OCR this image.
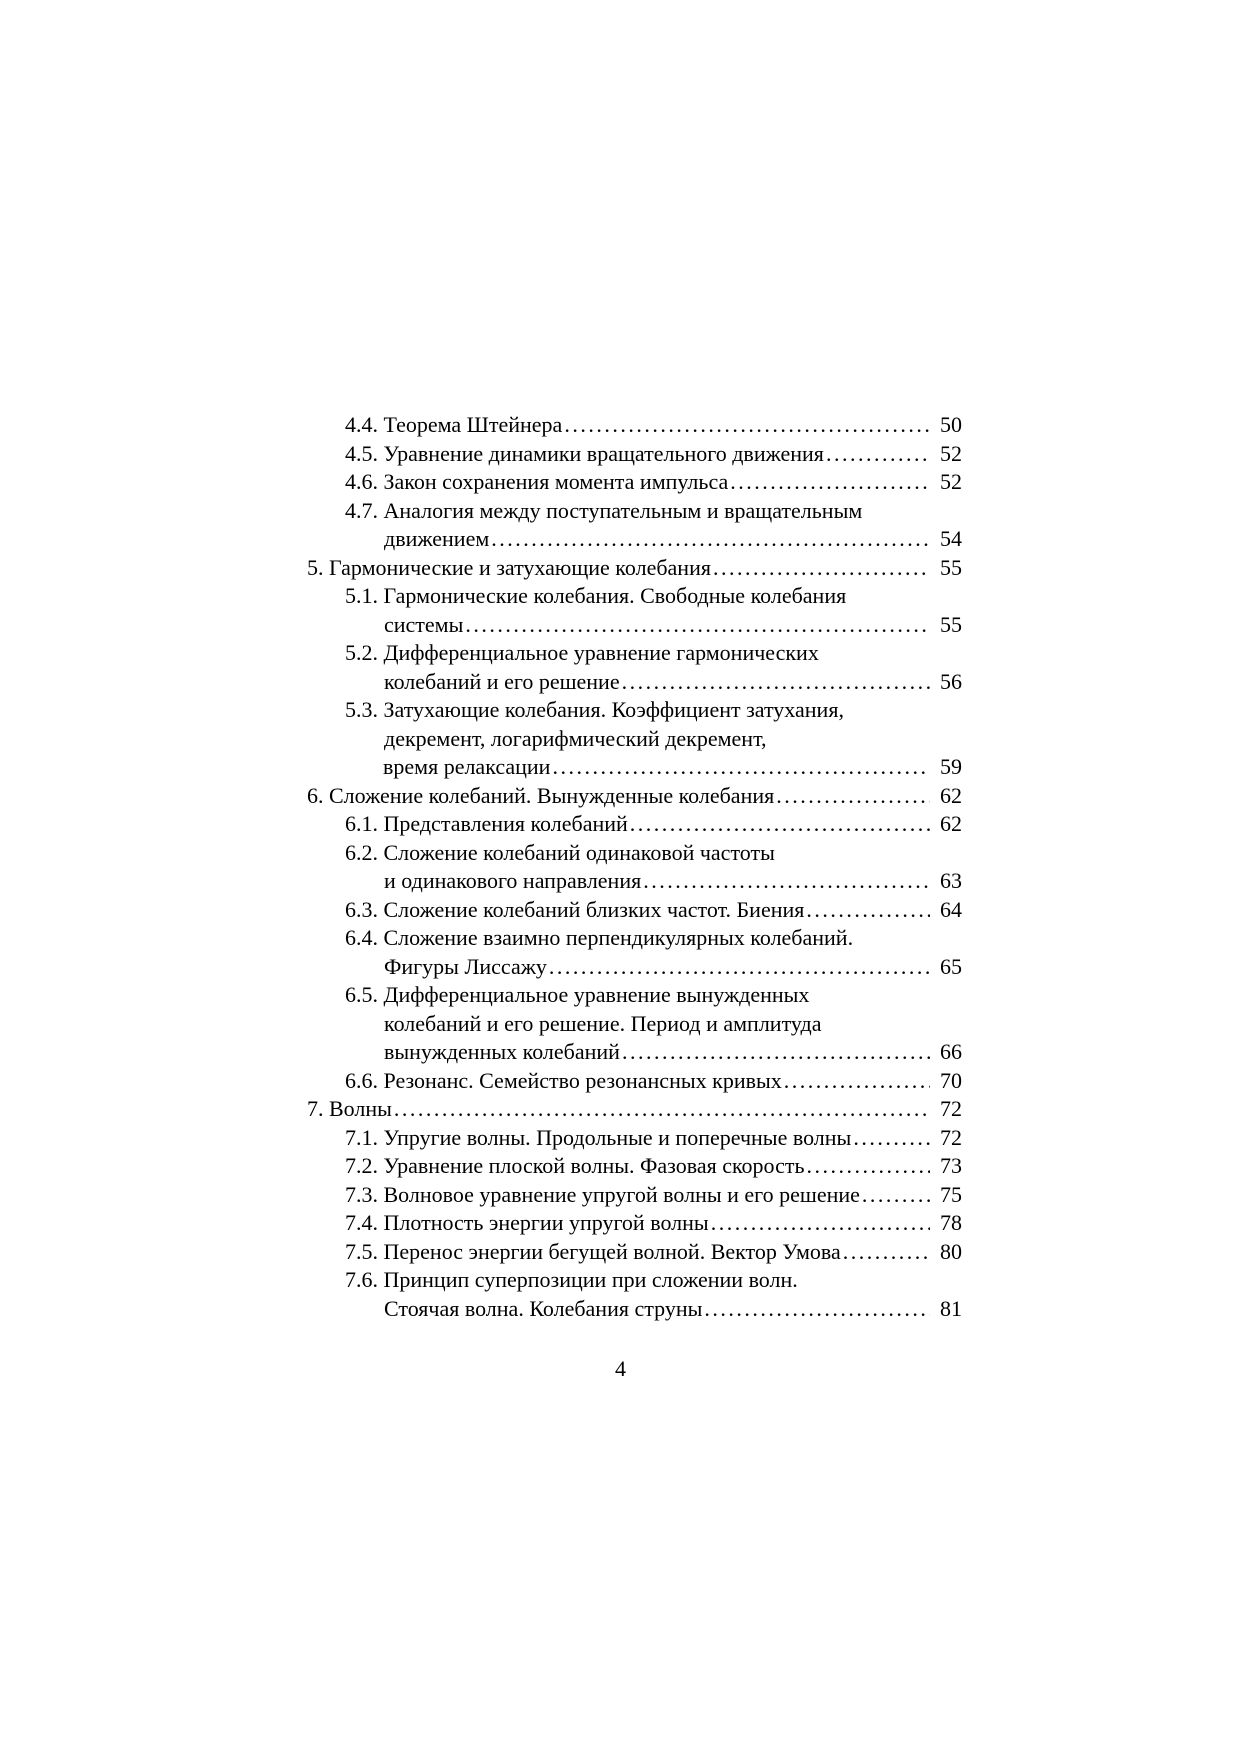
4.4. Теорема Штейнера . . .	50
4.5. Уравнение динамики вращательного движения . . .	52
4.6. Закон сохранения момента импульса . . .	52
4.7. Аналогия между поступательным и вращательным
движением . . .	54
5. Гармонические и затухающие колебания . . .	55
5.1. Гармонические колебания. Свободные колебания
системы . . .	55
5.2. Дифференциальное уравнение гармонических
колебаний и его решение . . .	56
5.3. Затухающие колебания. Коэффициент затухания,
декремент, логарифмический декремент,
время релаксации . . .	59
6. Сложение колебаний. Вынужденные колебания . . .	62
6.1. Представления колебаний . . .	62
6.2. Сложение колебаний одинаковой частоты
и одинакового направления . . .	63
6.3. Сложение колебаний близких частот. Биения . . .	64
6.4. Сложение взаимно перпендикулярных колебаний.
Фигуры Лиссажу . . .	65
6.5. Дифференциальное уравнение вынужденных
колебаний и его решение. Период и амплитуда
вынужденных колебаний . . .	66
6.6. Резонанс. Семейство резонансных кривых . . .	70
7. Волны . . .	72
7.1. Упругие волны. Продольные и поперечные волны . . .	72
7.2. Уравнение плоской волны. Фазовая скорость . . .	73
7.3. Волновое уравнение упругой волны и его решение . . .	75
7.4. Плотность энергии упругой волны . . .	78
7.5. Перенос энергии бегущей волной. Вектор Умова . . .	80
7.6. Принцип суперпозиции при сложении волн.
Стоячая волна. Колебания струны . . .	81
4
